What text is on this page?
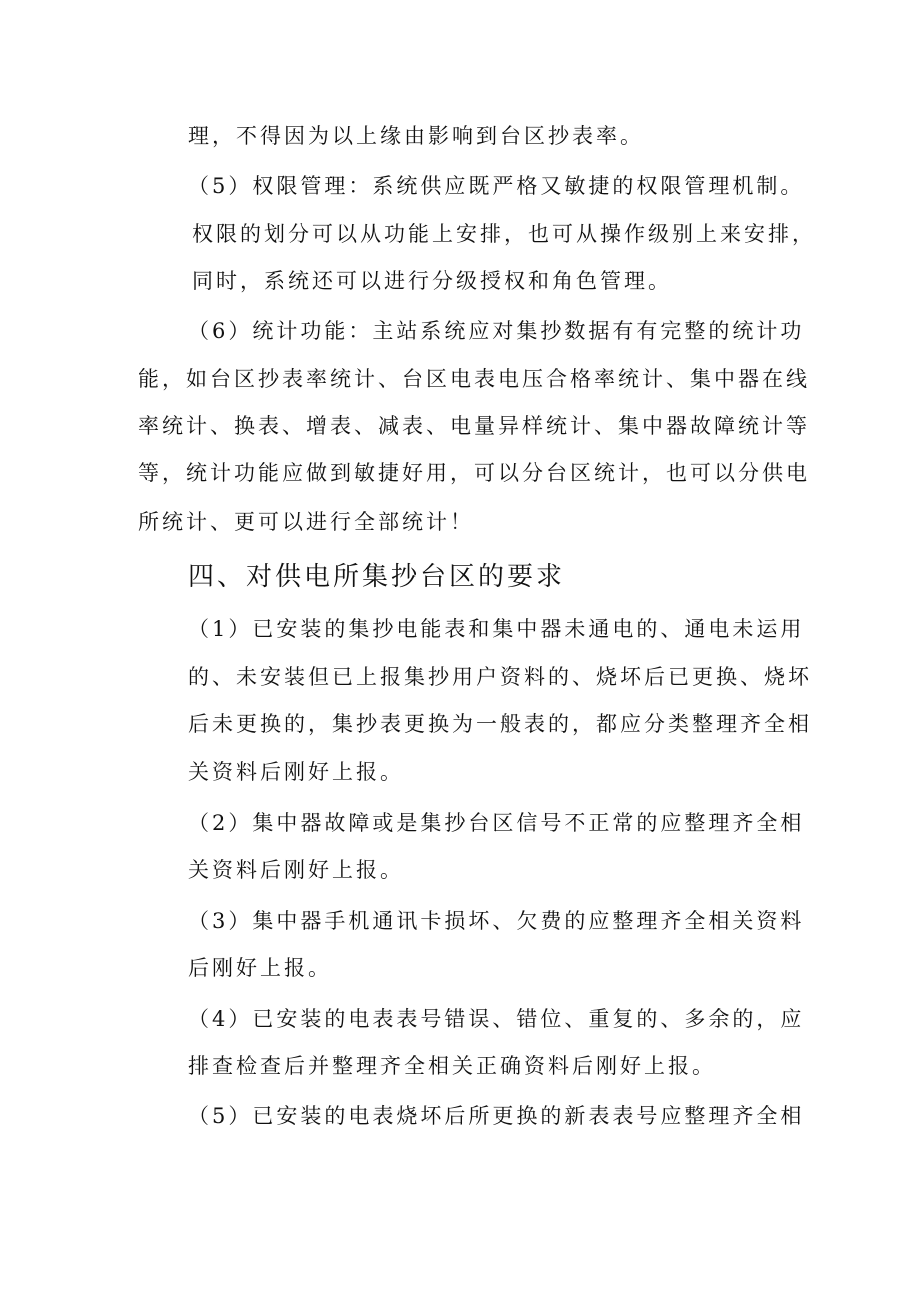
理，不得因为以上缘由影响到台区抄表率。
（5）权限管理：系统供应既严格又敏捷的权限管理机制。
权限的划分可以从功能上安排，也可从操作级别上来安排，
同时，系统还可以进行分级授权和角色管理。
（6）统计功能：主站系统应对集抄数据有有完整的统计功
能，如台区抄表率统计、台区电表电压合格率统计、集中器在线
率统计、换表、增表、减表、电量异样统计、集中器故障统计等
等，统计功能应做到敏捷好用，可以分台区统计，也可以分供电
所统计、更可以进行全部统计！
四、对供电所集抄台区的要求
（1）已安装的集抄电能表和集中器未通电的、通电未运用
的、未安装但已上报集抄用户资料的、烧坏后已更换、烧坏
后未更换的，集抄表更换为一般表的，都应分类整理齐全相
关资料后刚好上报。
（2）集中器故障或是集抄台区信号不正常的应整理齐全相
关资料后刚好上报。
（3）集中器手机通讯卡损坏、欠费的应整理齐全相关资料
后刚好上报。
（4）已安装的电表表号错误、错位、重复的、多余的，应
排查检查后并整理齐全相关正确资料后刚好上报。
（5）已安装的电表烧坏后所更换的新表表号应整理齐全相
